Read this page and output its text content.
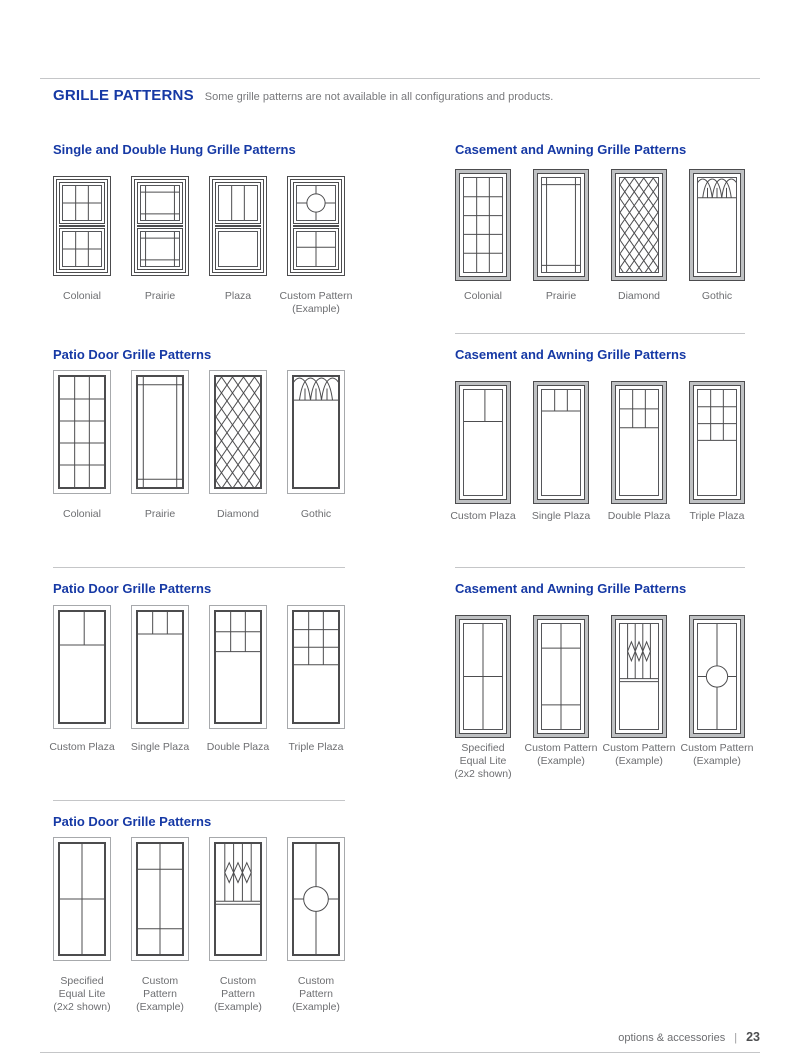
GRILLE PATTERNS Some grille patterns are not available in all configurations and products.
Single and Double Hung Grille Patterns
Colonial	Prairie	Plaza	Custom Pattern
(Example)
Casement and Awning Grille Patterns
Colonial	Prairie	Diamond	Gothic
Patio Door Grille Patterns
Colonial	Prairie	Diamond	Gothic
Casement and Awning Grille Patterns
Custom Plaza Single Plaza Double Plaza Triple Plaza
Patio Door Grille Patterns
Custom Plaza Single Plaza Double Plaza Triple Plaza
Casement and Awning Grille Patterns
Specified
Equal Lite
(2x2 shown)
Custom Pattern
(Example)
Custom Pattern
(Example)
Custom Pattern
(Example)
Patio Door Grille Patterns
Specified
Equal Lite
(2x2 shown)
Custom
Pattern
(Example)
Custom
Pattern
(Example)
Custom
Pattern
(Example)
options & accessories | 23
